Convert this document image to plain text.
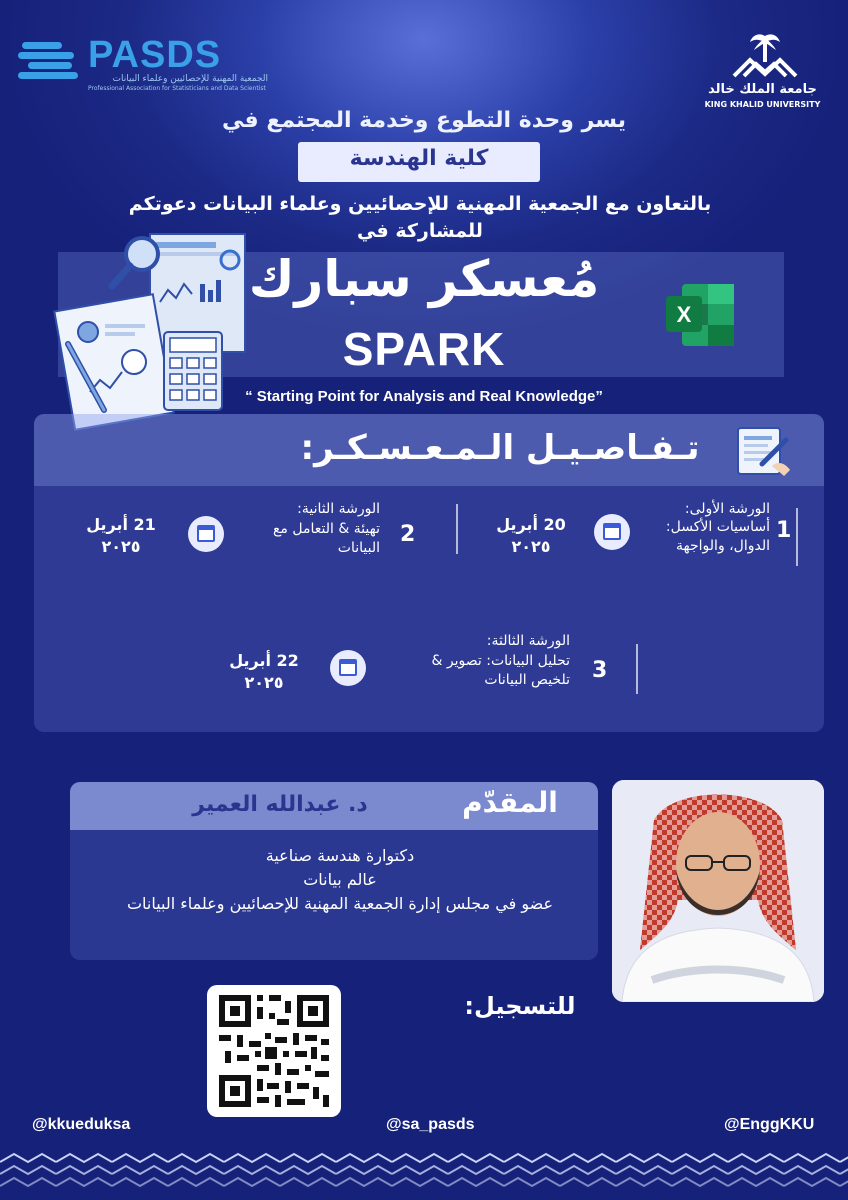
PASDS
الجمعية المهنية للإحصائيين وعلماء البيانات
Professional Association for Statisticians and Data Scientist	جامعة الملك خالد
KING KHALID UNIVERSITY
يسر وحدة التطوع وخدمة المجتمع في
كلية الهندسة
بالتعاون مع الجمعية المهنية للإحصائيين وعلماء البيانات دعوتكم
للمشاركة في
مُعسكر سبارك
SPARK
X
“ Starting Point for Analysis and Real Knowledge”
تـفـاصـيـل الـمـعـسـكـر:
1
الورشة الأولى:
أساسيات الأكسل: الدوال، والواجهة
20 أبريل
٢٠٢٥
2
الورشة الثانية:
تهيئة & التعامل مع البيانات
21 أبريل
٢٠٢٥
3
الورشة الثالثة:
تحليل البيانات: تصوير & تلخيص البيانات
22 أبريل
٢٠٢٥
المقدّم
د. عبدالله العمير
دكتوارة هندسة صناعية
عالم بيانات
عضو في مجلس إدارة الجمعية المهنية للإحصائيين وعلماء البيانات
للتسجيل:
@kkueduksa	@sa_pasds	@EnggKKU
